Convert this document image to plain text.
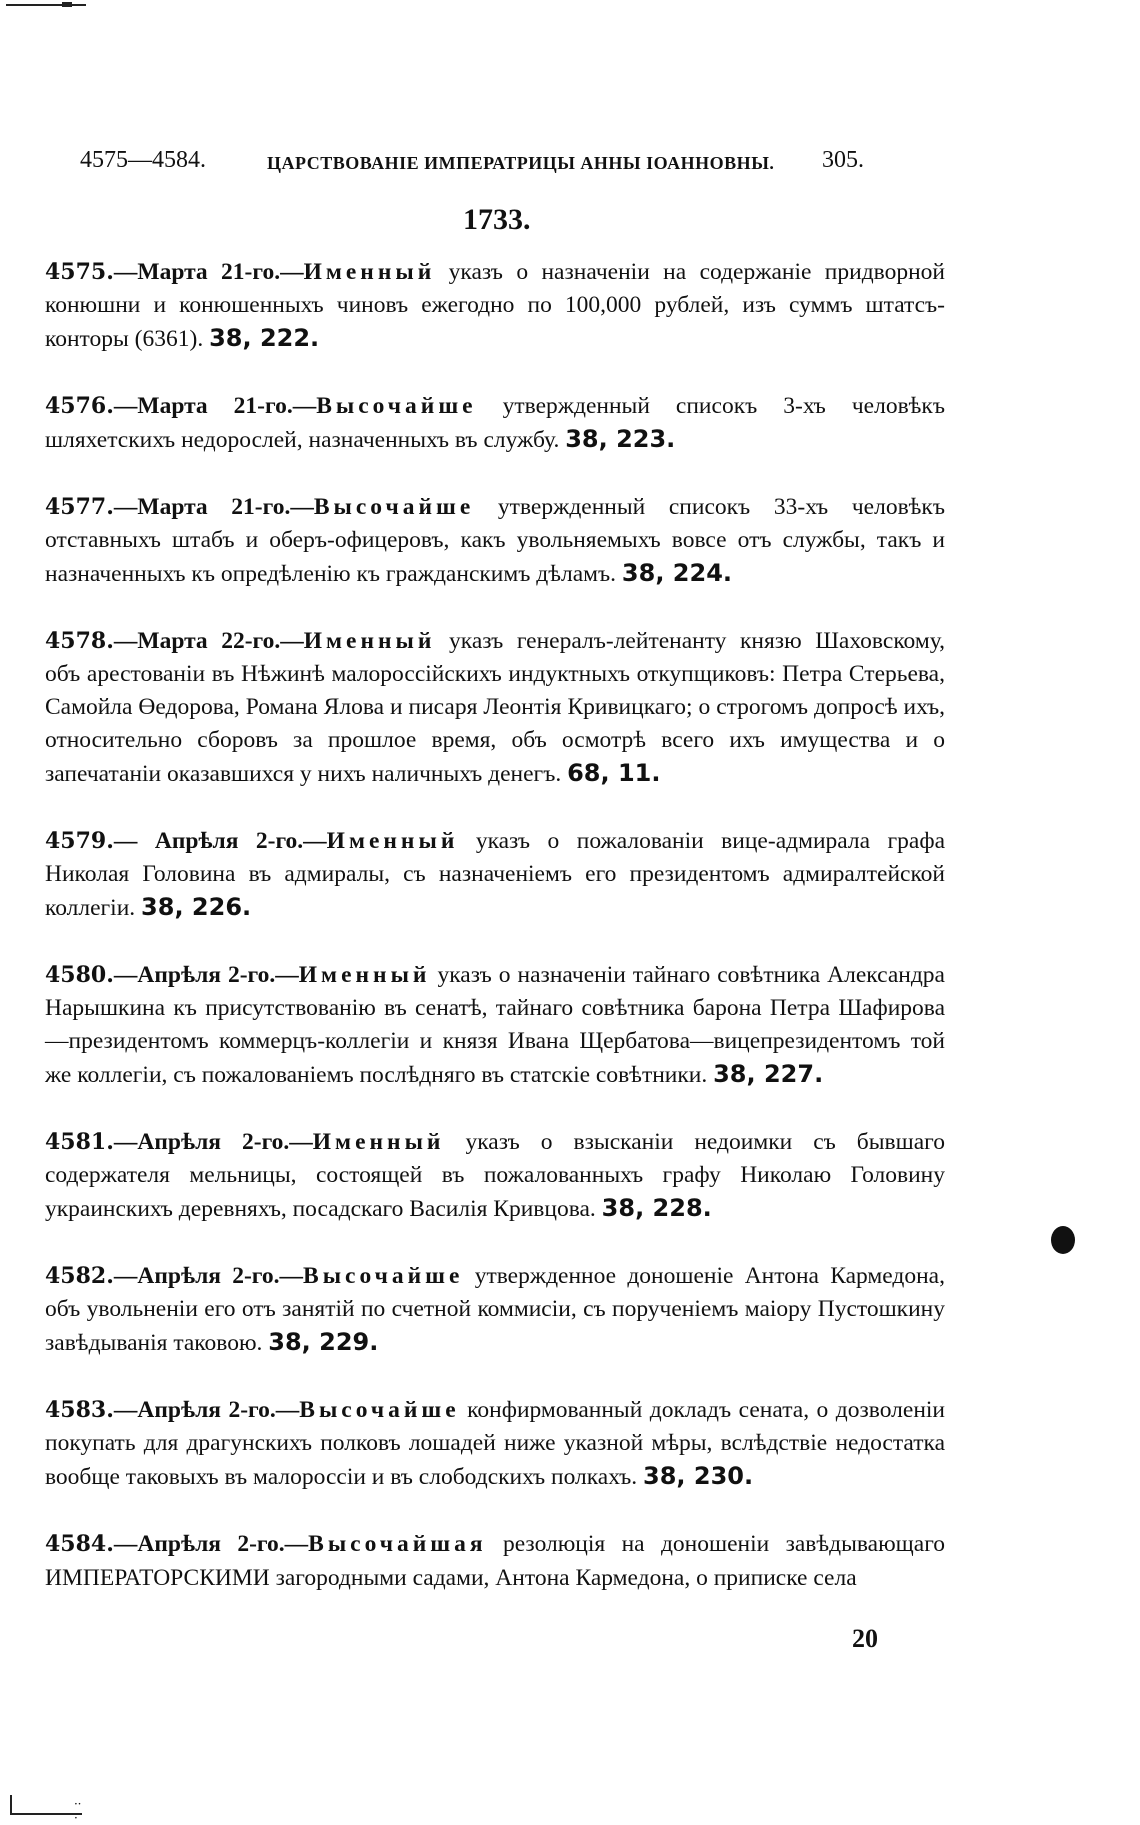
4575—4584.	ЦАРСТВОВАНІЕ ИМПЕРАТРИЦЫ АННЫ ІОАННОВНЫ. 305.
1733.

4575.—Марта 21-го.—Именный указъ о назначеніи на содержаніе придворной конюшни и конюшенныхъ чиновъ ежегодно по 100,000 рублей, изъ суммъ штатсъ-конторы (6361). 38, 222.

4576.—Марта 21-го.—Высочайше утвержденный списокъ 3-хъ человѣкъ шляхетскихъ недорослей, назначенныхъ въ службу. 38, 223.

4577.—Марта 21-го.—Высочайше утвержденный списокъ 33-хъ человѣкъ отставныхъ штабъ и оберъ-офицеровъ, какъ увольняемыхъ вовсе отъ службы, такъ и назначенныхъ къ опредѣленію къ гражданскимъ дѣламъ. 38, 224.

4578.—Марта 22-го.—Именный указъ генералъ-лейтенанту князю Шаховскому, объ арестованіи въ Нѣжинѣ малороссійскихъ индуктныхъ откупщиковъ: Петра Стерьева, Самойла Өедорова, Романа Ялова и писаря Леонтія Кривицкаго; о строгомъ допросѣ ихъ, относительно сборовъ за прошлое время, объ осмотрѣ всего ихъ имущества и о запечатаніи оказавшихся у нихъ наличныхъ денегъ. 68, 11.

4579.— Апрѣля 2-го.—Именный указъ о пожалованіи вице-адмирала графа Николая Головина въ адмиралы, съ назначеніемъ его президентомъ адмиралтейской коллегіи. 38, 226.

4580.—Апрѣля 2-го.—Именный указъ о назначеніи тайнаго совѣтника Александра Нарышкина къ присутствованію въ сенатѣ, тайнаго совѣтника барона Петра Шафирова—президентомъ коммерцъ-коллегіи и князя Ивана Щербатова—вицепрезидентомъ той же коллегіи, съ пожалованіемъ послѣдняго въ статскіе совѣтники. 38, 227.

4581.—Апрѣля 2-го.—Именный указъ о взысканіи недоимки съ бывшаго содержателя мельницы, состоящей въ пожалованныхъ графу Николаю Головину украинскихъ деревняхъ, посадскаго Василія Кривцова. 38, 228.

4582.—Апрѣля 2-го.—Высочайше утвержденное доношеніе Антона Кармедона, объ увольненіи его отъ занятій по счетной коммисіи, съ порученіемъ маіору Пустошкину завѣдыванія таковою. 38, 229.

4583.—Апрѣля 2-го.—Высочайше конфирмованный докладъ сената, о дозволеніи покупать для драгунскихъ полковъ лошадей ниже указной мѣры, вслѣдствіе недостатка вообще таковыхъ въ малороссіи и въ слободскихъ полкахъ. 38, 230.

4584.—Апрѣля 2-го.—Высочайшая резолюція на доношеніи завѣдывающаго ИМПЕРАТОРСКИМИ загородными садами, Антона Кармедона, о приписке села

20
· · ·
